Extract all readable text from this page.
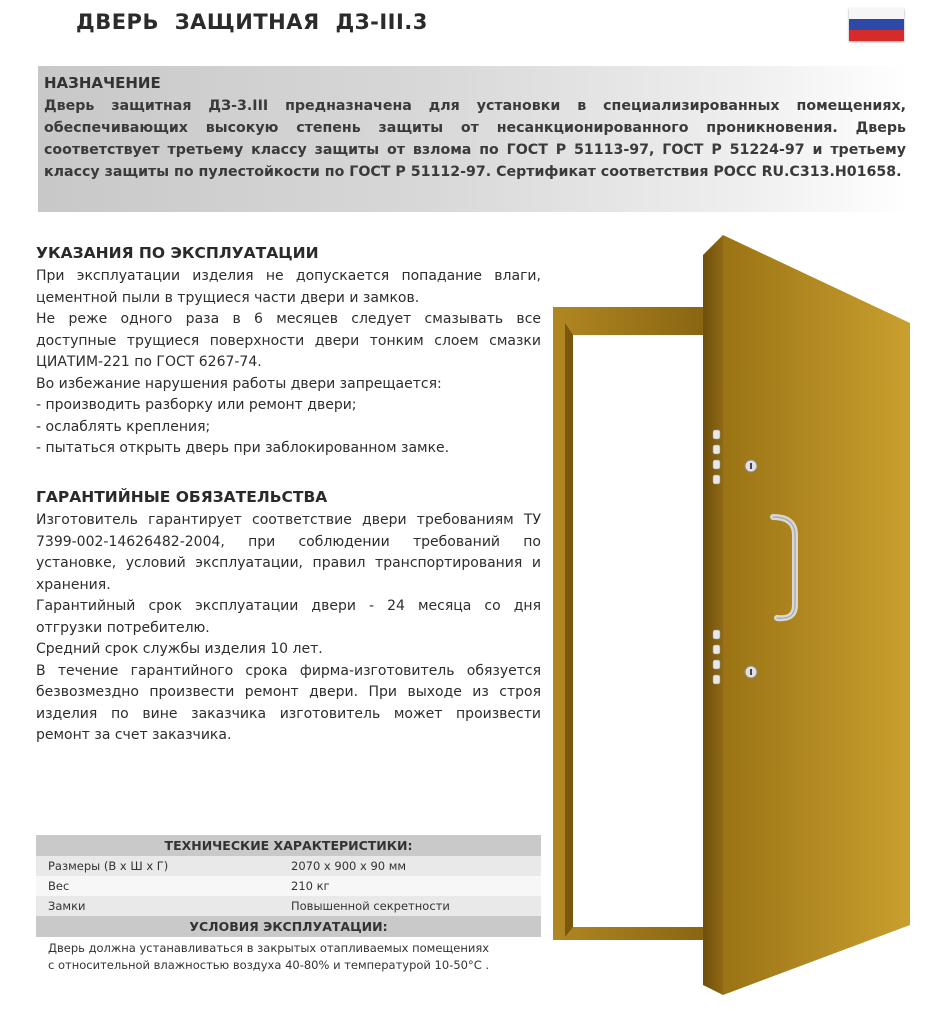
ДВЕРЬ ЗАЩИТНАЯ ДЗ-III.3
НАЗНАЧЕНИЕ
Дверь защитная ДЗ-3.III предназначена для установки в специализированных помещениях, обеспечивающих высокую степень защиты от несанкционированного проникновения. Дверь соответствует третьему классу защиты от взлома по ГОСТ Р 51113-97, ГОСТ Р 51224-97 и третьему классу защиты по пулестойкости по ГОСТ Р 51112-97. Сертификат соответствия РОСС RU.C313.H01658.
УКАЗАНИЯ ПО ЭКСПЛУАТАЦИИ

При эксплуатации изделия не допускается попадание влаги, цементной пыли в трущиеся части двери и замков.

Не реже одного раза в 6 месяцев следует смазывать все доступные трущиеся поверхности двери тонким слоем смазки ЦИАТИМ-221 по ГОСТ 6267-74.

Во избежание нарушения работы двери запрещается:

- производить разборку или ремонт двери;

- ослаблять крепления;

- пытаться открыть дверь при заблокированном замке.

ГАРАНТИЙНЫЕ ОБЯЗАТЕЛЬСТВА

Изготовитель гарантирует соответствие двери требованиям ТУ 7399-002-14626482-2004, при соблюдении требований по установке, условий эксплуатации, правил транспортирования и хранения.

Гарантийный срок эксплуатации двери - 24 месяца со дня отгрузки потребителю.

Средний срок службы изделия 10 лет.

В течение гарантийного срока фирма-изготовитель обязуется безвозмездно произвести ремонт двери. При выходе из строя изделия по вине заказчика изготовитель может произвести ремонт за счет заказчика.

ТЕХНИЧЕСКИЕ ХАРАКТЕРИСТИКИ:
Размеры (В х Ш х Г)	2070 х 900 х 90 мм
Вес	210 кг
Замки	Повышенной секретности
УСЛОВИЯ ЭКСПЛУАТАЦИИ:
Дверь должна устанавливаться в закрытых отапливаемых помещениях
с относительной влажностью воздуха 40-80% и температурой 10-50°С .
